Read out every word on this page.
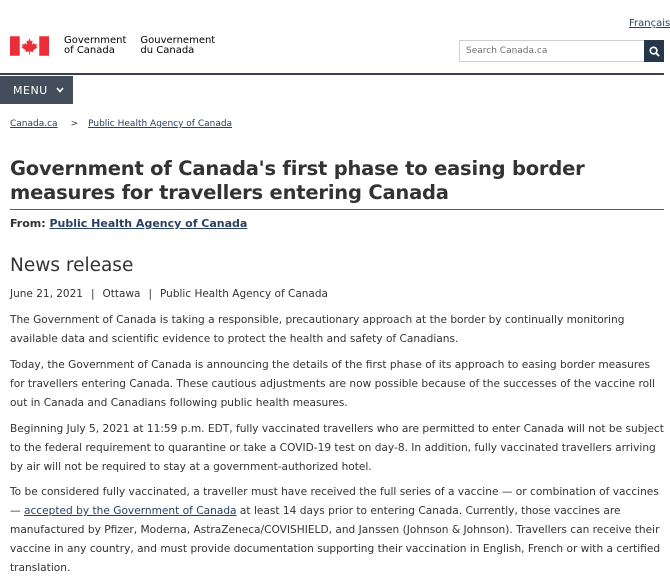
Français
Government
of Canada
Gouvernement
du Canada
Search Canada.ca
MENU
Canada.ca > Public Health Agency of Canada
Government of Canada's first phase to easing border measures for travellers entering Canada
From: Public Health Agency of Canada
News release
June 21, 2021 | Ottawa | Public Health Agency of Canada

The Government of Canada is taking a responsible, precautionary approach at the border by continually monitoring available data and scientific evidence to protect the health and safety of Canadians.

Today, the Government of Canada is announcing the details of the first phase of its approach to easing border measures for travellers entering Canada. These cautious adjustments are now possible because of the successes of the vaccine roll out in Canada and Canadians following public health measures.

Beginning July 5, 2021 at 11:59 p.m. EDT, fully vaccinated travellers who are permitted to enter Canada will not be subject to the federal requirement to quarantine or take a COVID-19 test on day-8. In addition, fully vaccinated travellers arriving by air will not be required to stay at a government-authorized hotel.

To be considered fully vaccinated, a traveller must have received the full series of a vaccine — or combination of vaccines — accepted by the Government of Canada at least 14 days prior to entering Canada. Currently, those vaccines are manufactured by Pfizer, Moderna, AstraZeneca/COVISHIELD, and Janssen (Johnson & Johnson). Travellers can receive their vaccine in any country, and must provide documentation supporting their vaccination in English, French or with a certified translation.
